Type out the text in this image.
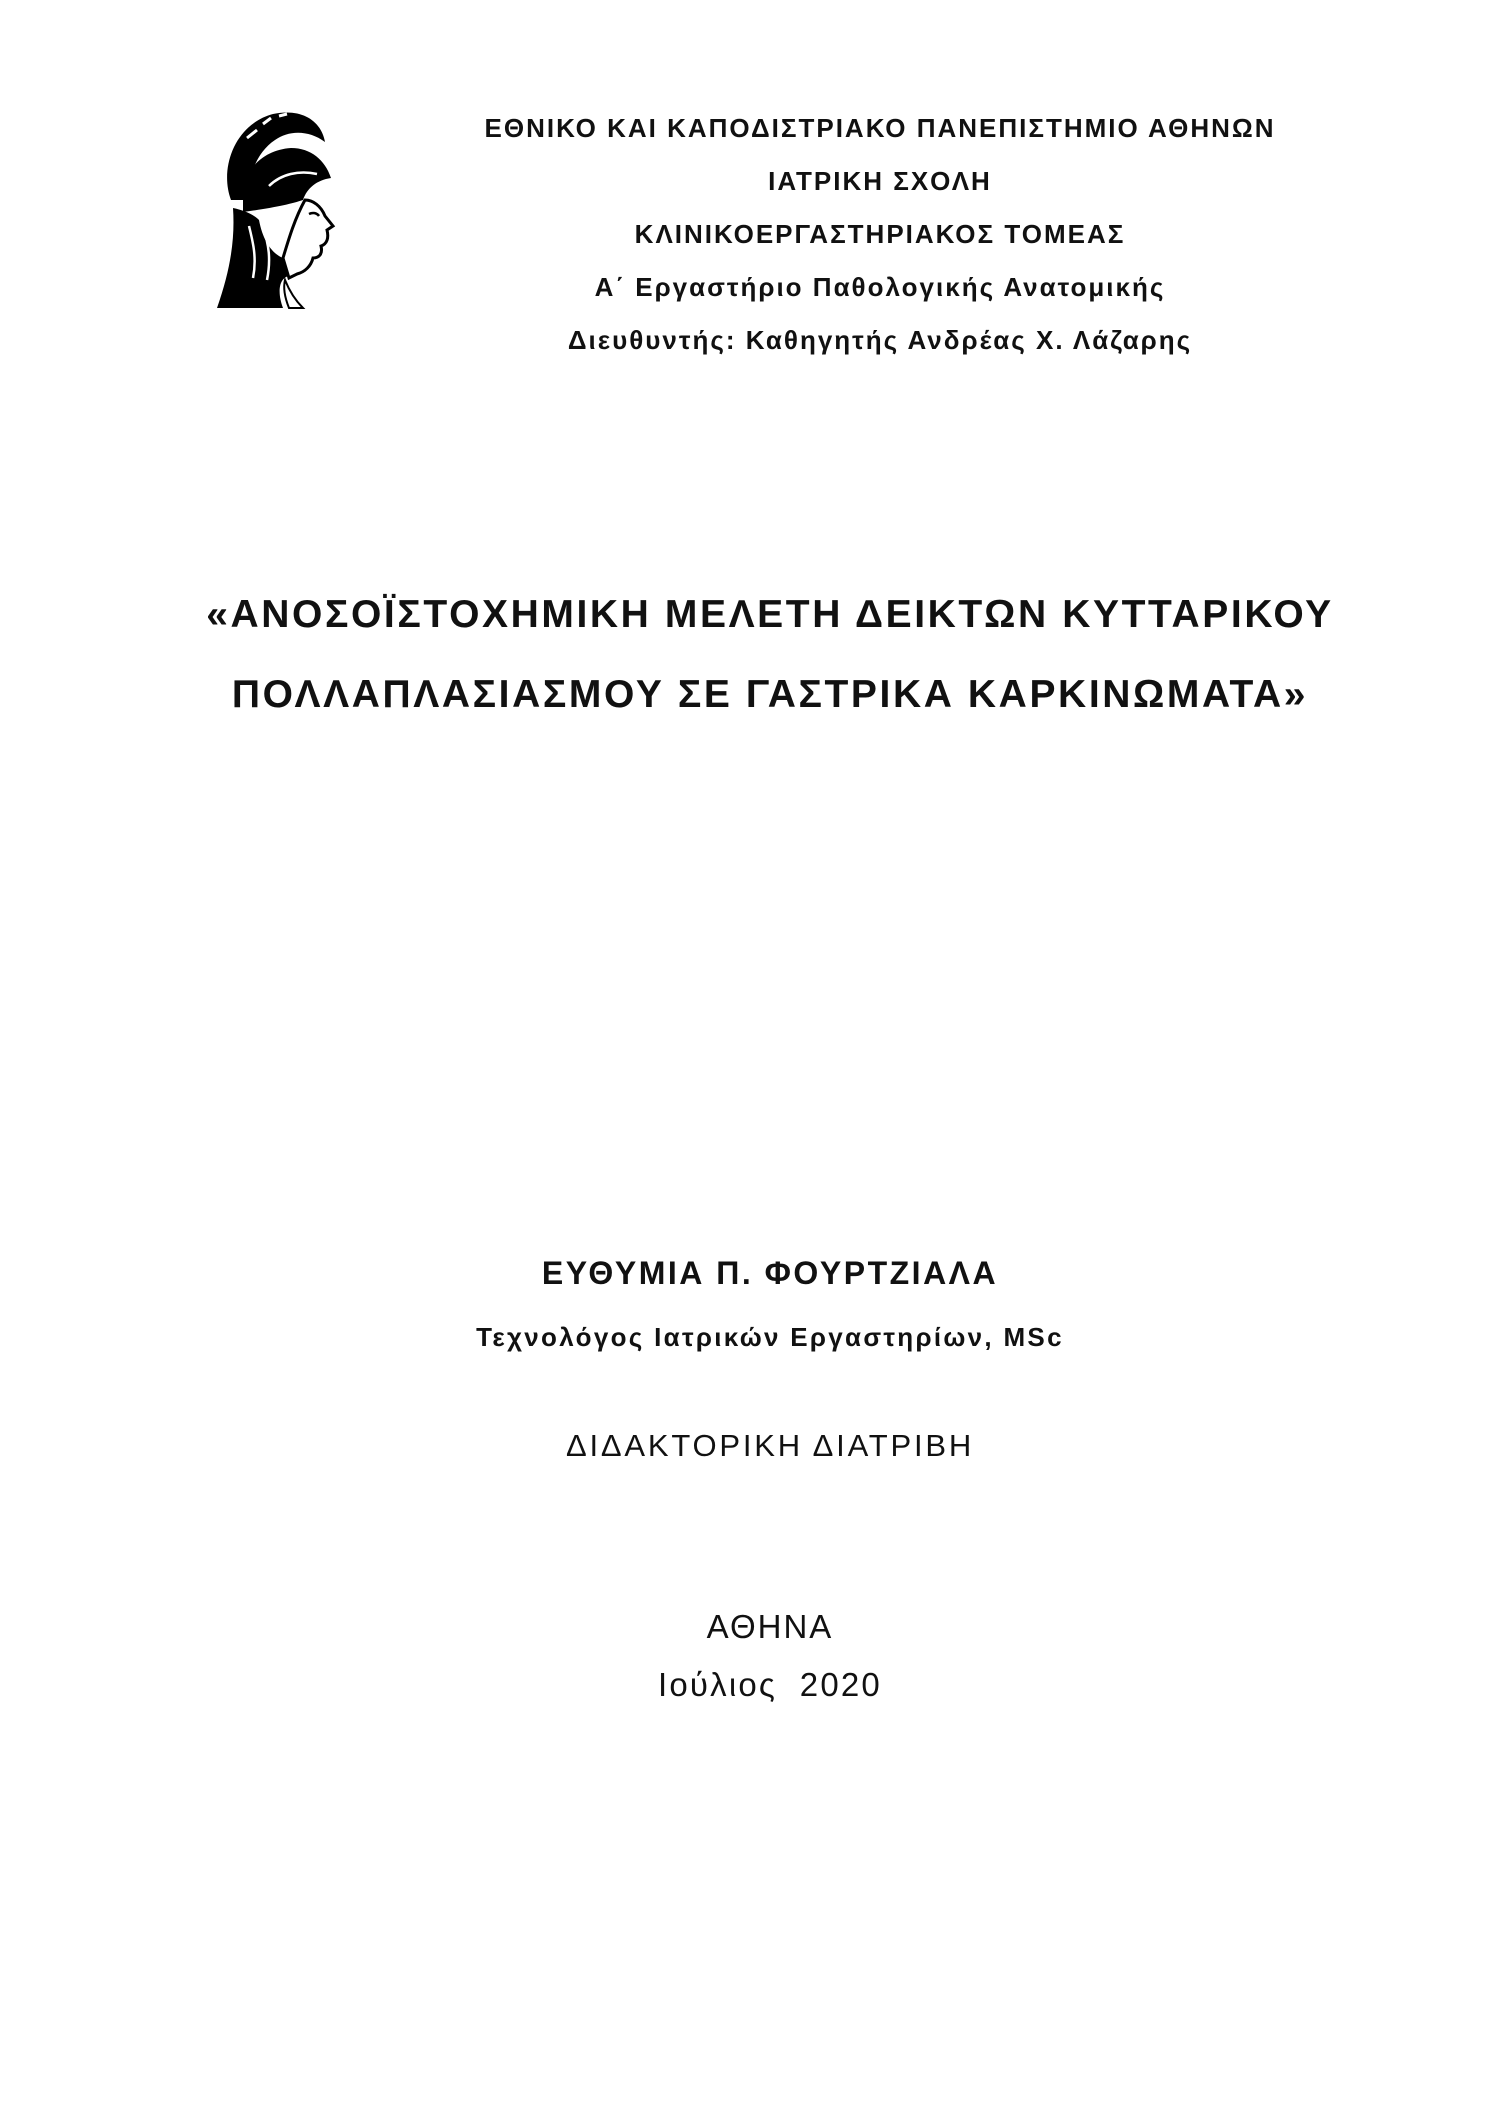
ΕΘΝΙΚΟ ΚΑΙ ΚΑΠΟΔΙΣΤΡΙΑΚΟ ΠΑΝΕΠΙΣΤΗΜΙΟ ΑΘΗΝΩΝ
ΙΑΤΡΙΚΗ ΣΧΟΛΗ
ΚΛΙΝΙΚΟΕΡΓΑΣΤΗΡΙΑΚΟΣ ΤΟΜΕΑΣ
Α΄ Εργαστήριο Παθολογικής Ανατομικής
Διευθυντής: Καθηγητής Ανδρέας Χ. Λάζαρης
«ΑΝΟΣΟΪΣΤΟΧΗΜΙΚΗ ΜΕΛΕΤΗ ΔΕΙΚΤΩΝ ΚΥΤΤΑΡΙΚΟΥ
ΠΟΛΛΑΠΛΑΣΙΑΣΜΟΥ ΣΕ ΓΑΣΤΡΙΚΑ ΚΑΡΚΙΝΩΜΑΤΑ»
ΕΥΘΥΜΙΑ Π. ΦΟΥΡΤΖΙΑΛΑ
Τεχνολόγος Ιατρικών Εργαστηρίων, MSc
ΔΙΔΑΚΤΟΡΙΚΗ ΔΙΑΤΡΙΒΗ
ΑΘΗΝΑ
Ιούλιος  2020
